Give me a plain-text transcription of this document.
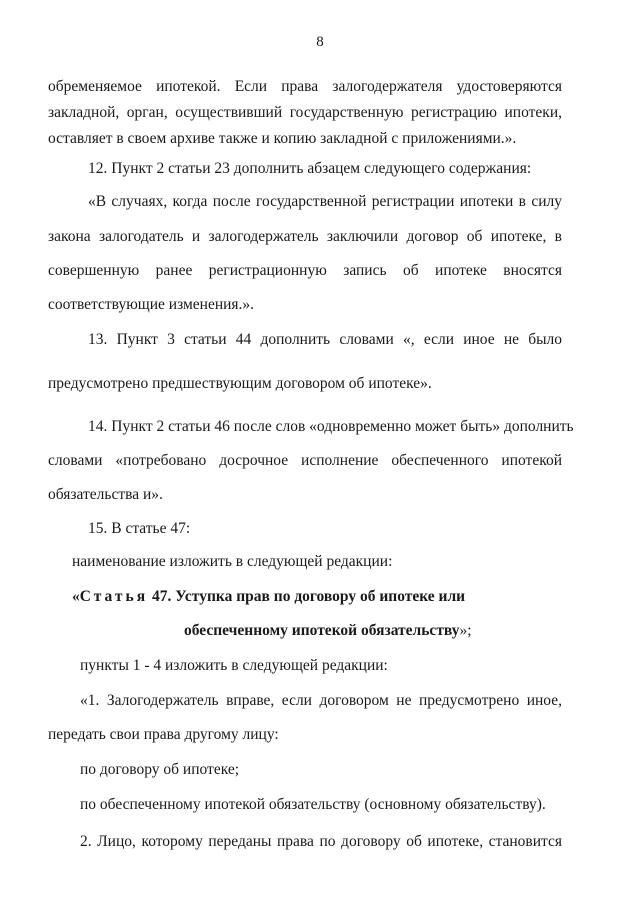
8
обременяемое ипотекой. Если права залогодержателя удостоверяются
закладной, орган, осуществивший государственную регистрацию ипотеки,
оставляет в своем архиве также и копию закладной с приложениями.».
12. Пункт 2 статьи 23 дополнить абзацем следующего содержания:
«В случаях, когда после государственной регистрации ипотеки в силу
закона залогодатель и залогодержатель заключили договор об ипотеке, в
совершенную ранее регистрационную запись об ипотеке вносятся
соответствующие изменения.».
13. Пункт 3 статьи 44 дополнить словами «, если иное не было
предусмотрено предшествующим договором об ипотеке».
14. Пункт 2 статьи 46 после слов «одновременно может быть» дополнить
словами «потребовано досрочное исполнение обеспеченного ипотекой
обязательства и».
15. В статье 47:
наименование изложить в следующей редакции:
«Статья 47. Уступка прав по договору об ипотеке или
обеспеченному ипотекой обязательству»;
пункты 1 - 4 изложить в следующей редакции:
«1. Залогодержатель вправе, если договором не предусмотрено иное,
передать свои права другому лицу:
по договору об ипотеке;
по обеспеченному ипотекой обязательству (основному обязательству).
2. Лицо, которому переданы права по договору об ипотеке, становится
